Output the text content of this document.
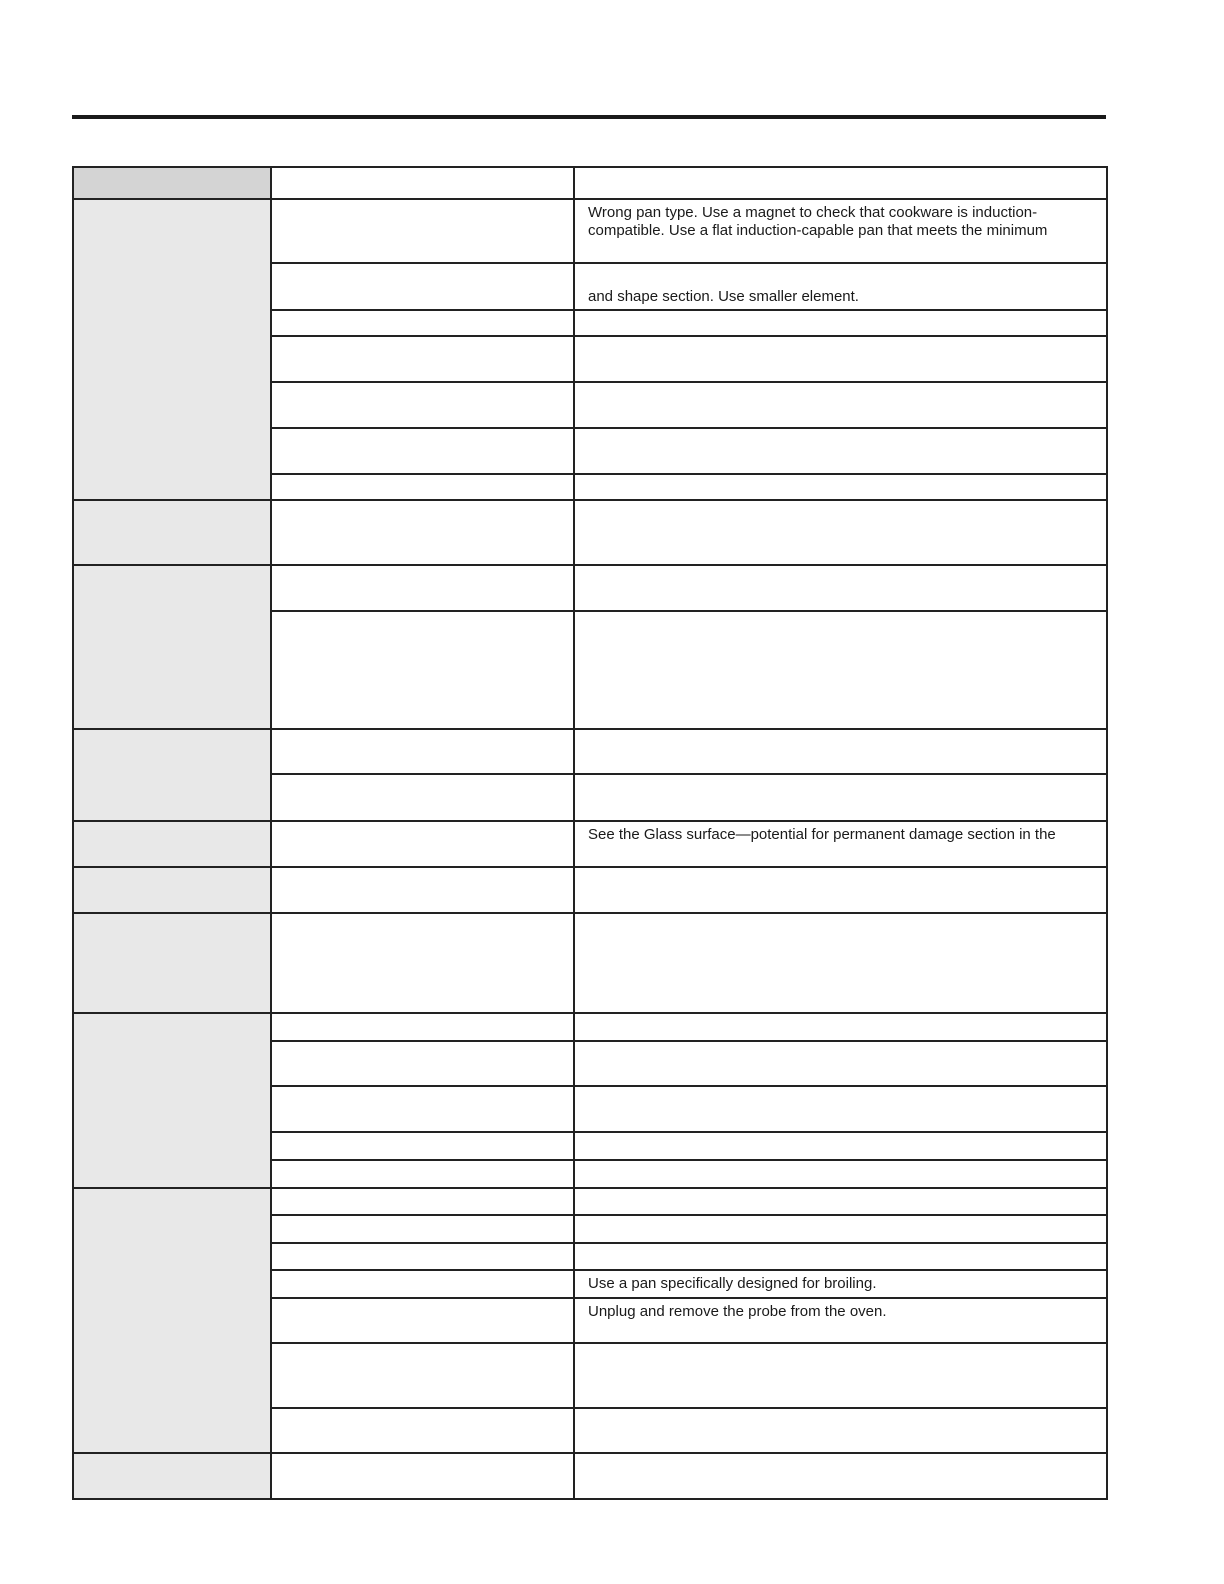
		Wrong pan type. Use a magnet to check that cookware is induction-
compatible. Use a flat induction-capable pan that meets the minimum

		and shape section. Use smaller element.

		See the Glass surface—potential for permanent damage section in the

		Use a pan specifically designed for broiling.

		Unplug and remove the probe from the oven.
